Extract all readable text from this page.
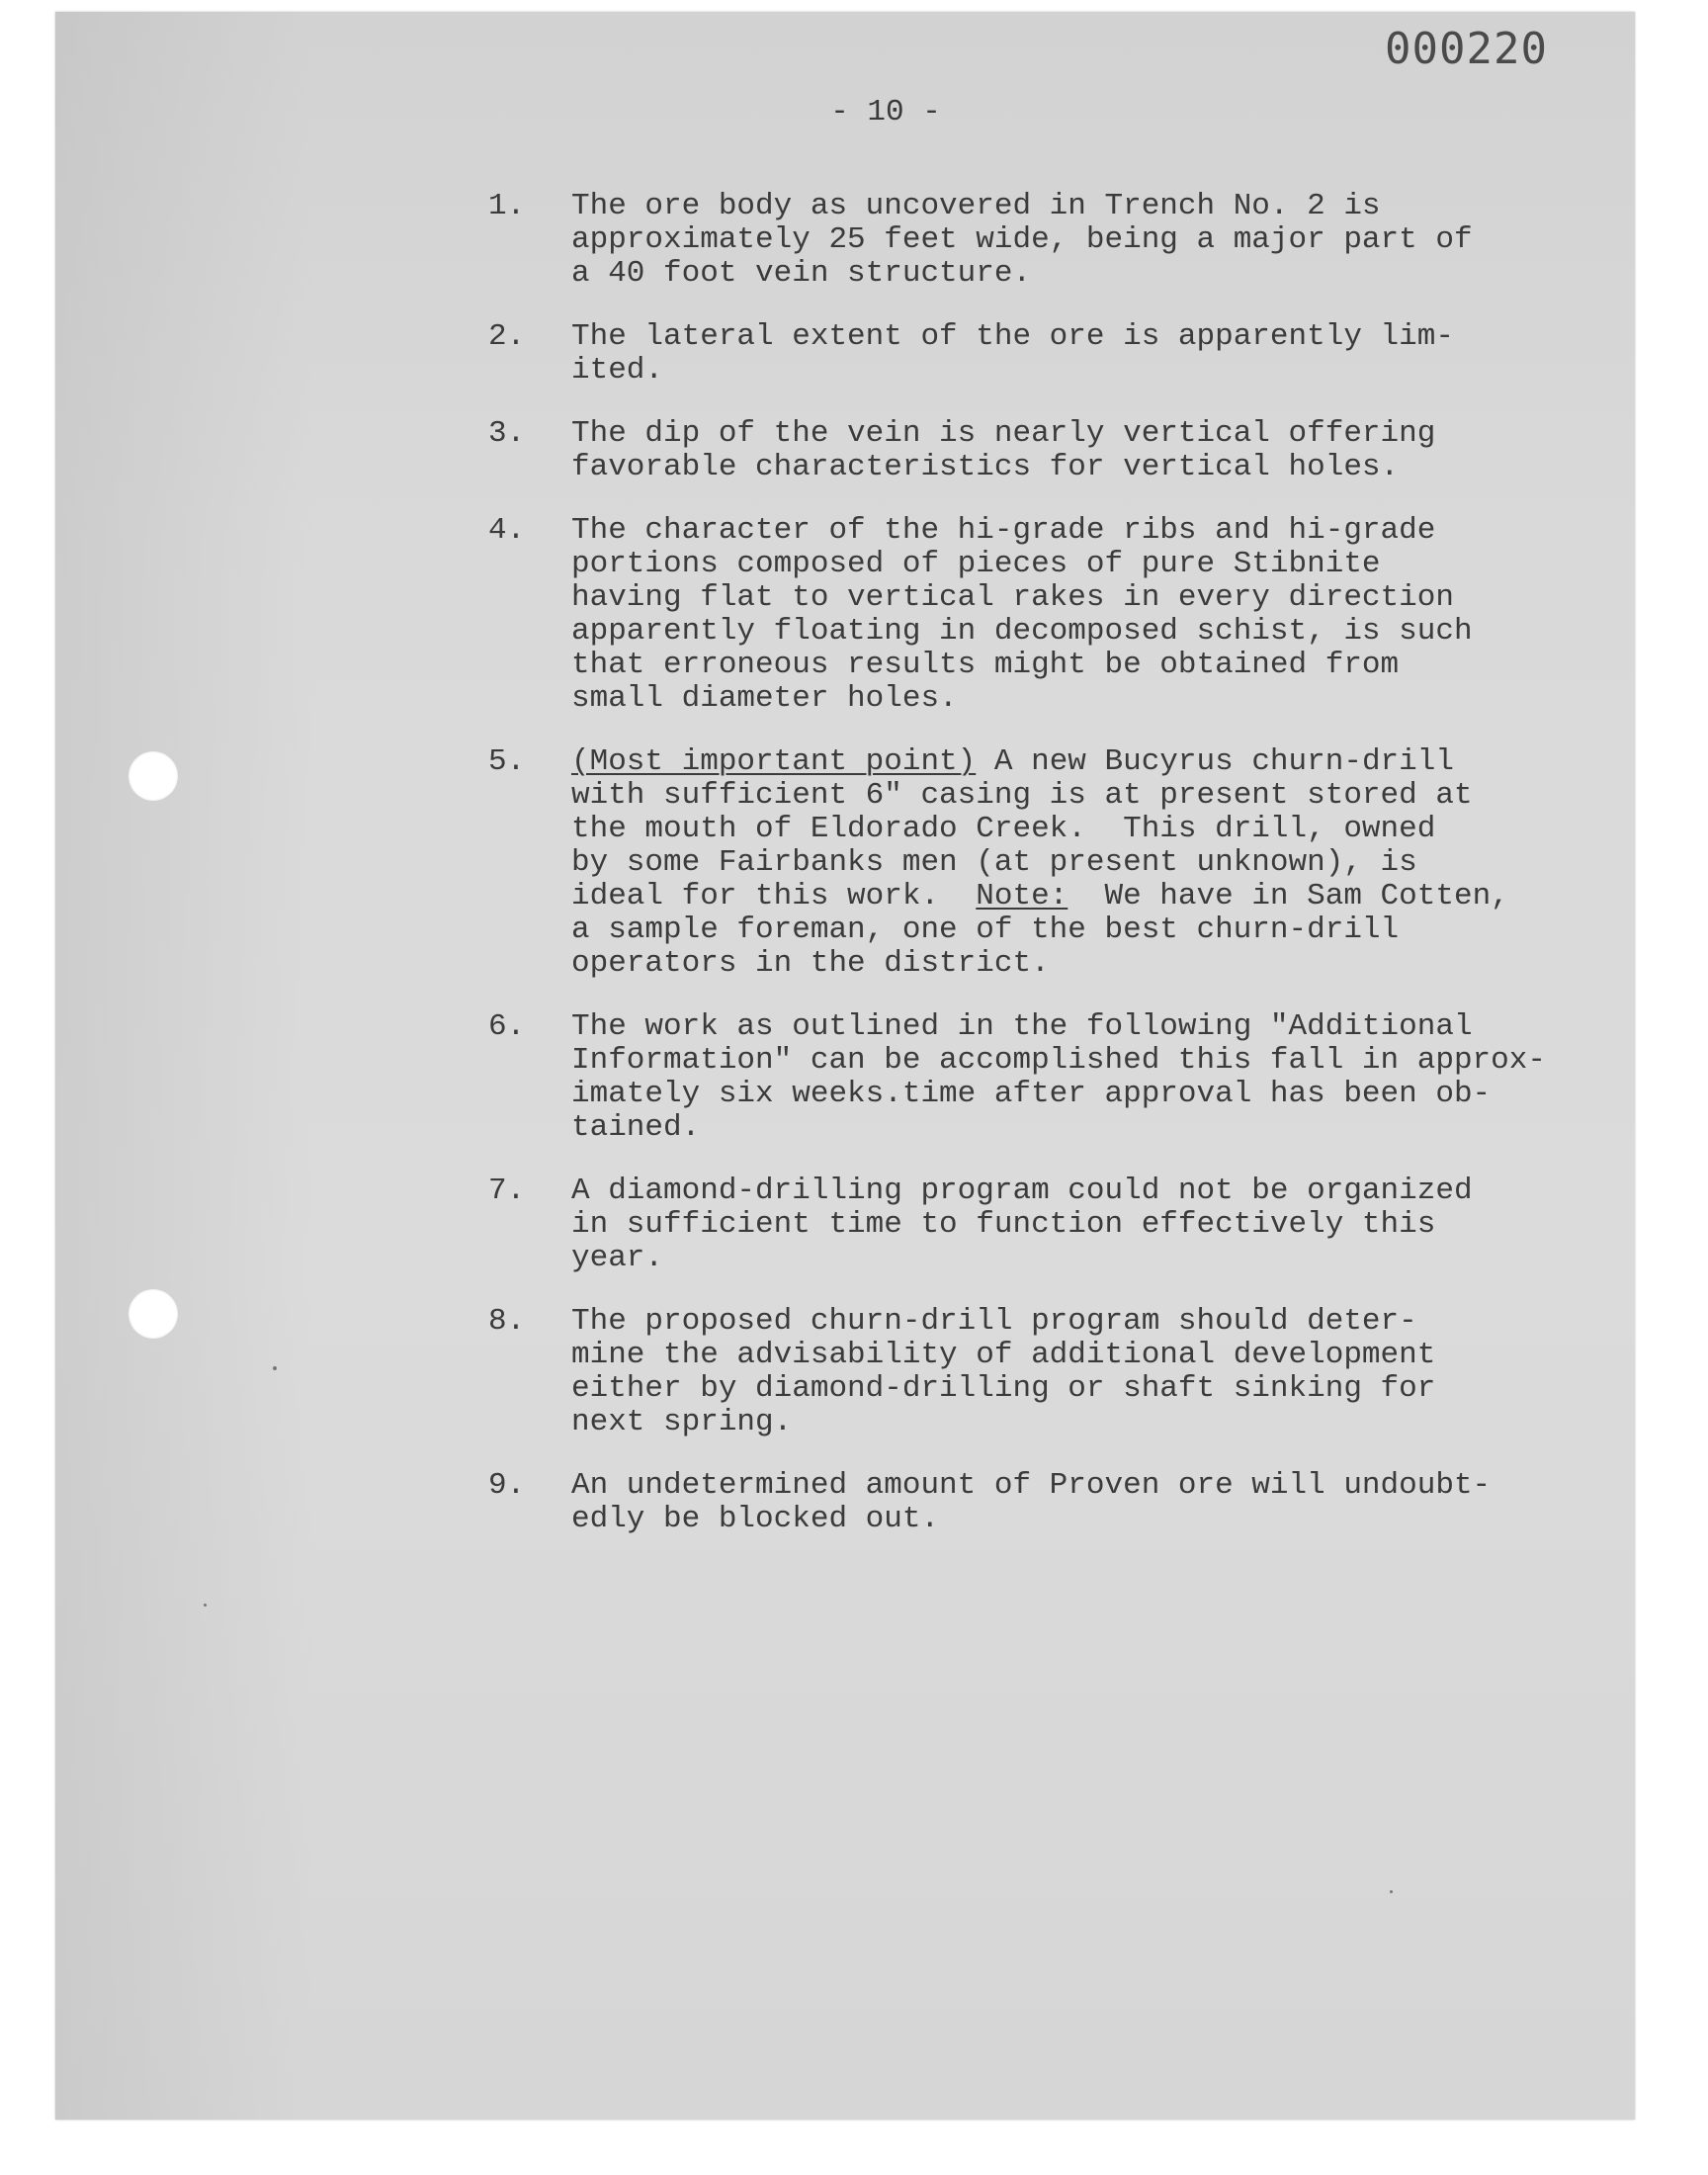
000220
- 10 -
1.	The ore body as uncovered in Trench No. 2 is
approximately 25 feet wide, being a major part of
a 40 foot vein structure.
2.	The lateral extent of the ore is apparently lim-
ited.
3.	The dip of the vein is nearly vertical offering
favorable characteristics for vertical holes.
4.	The character of the hi-grade ribs and hi-grade
portions composed of pieces of pure Stibnite
having flat to vertical rakes in every direction
apparently floating in decomposed schist, is such
that erroneous results might be obtained from
small diameter holes.
5.	(Most important point) A new Bucyrus churn-drill
with sufficient 6" casing is at present stored at
the mouth of Eldorado Creek.  This drill, owned
by some Fairbanks men (at present unknown), is
ideal for this work.  Note:  We have in Sam Cotten,
a sample foreman, one of the best churn-drill
operators in the district.
6.	The work as outlined in the following "Additional
Information" can be accomplished this fall in approx-
imately six weeks.time after approval has been ob-
tained.
7.	A diamond-drilling program could not be organized
in sufficient time to function effectively this
year.
8.	The proposed churn-drill program should deter-
mine the advisability of additional development
either by diamond-drilling or shaft sinking for
next spring.
9.	An undetermined amount of Proven ore will undoubt-
edly be blocked out.
